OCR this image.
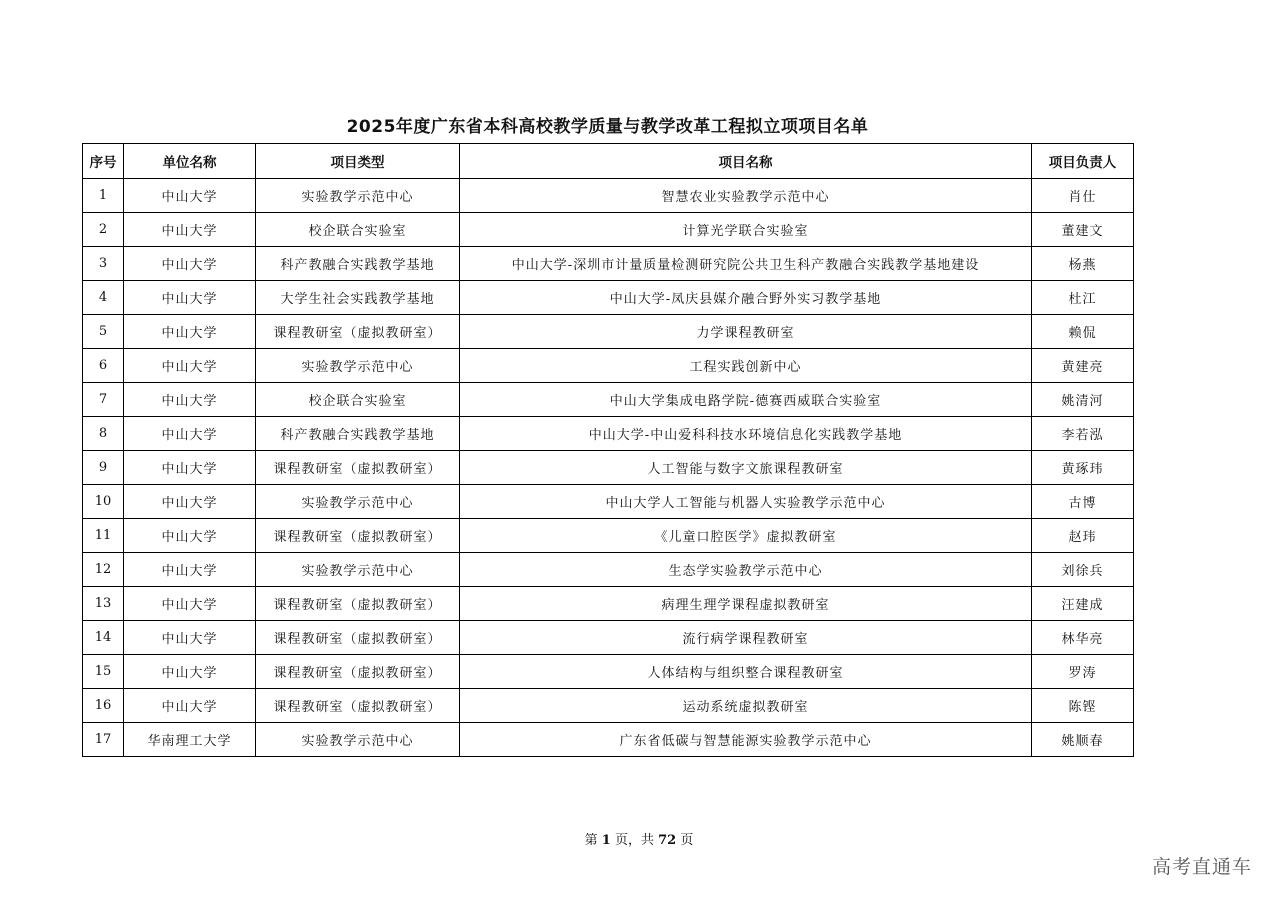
2025年度广东省本科高校教学质量与教学改革工程拟立项项目名单
序号	单位名称	项目类型	项目名称	项目负责人
1	中山大学	实验教学示范中心	智慧农业实验教学示范中心	肖仕
2	中山大学	校企联合实验室	计算光学联合实验室	董建文
3	中山大学	科产教融合实践教学基地	中山大学-深圳市计量质量检测研究院公共卫生科产教融合实践教学基地建设	杨燕
4	中山大学	大学生社会实践教学基地	中山大学-凤庆县媒介融合野外实习教学基地	杜江
5	中山大学	课程教研室（虚拟教研室）	力学课程教研室	赖侃
6	中山大学	实验教学示范中心	工程实践创新中心	黄建亮
7	中山大学	校企联合实验室	中山大学集成电路学院-德赛西威联合实验室	姚清河
8	中山大学	科产教融合实践教学基地	中山大学-中山爱科科技水环境信息化实践教学基地	李若泓
9	中山大学	课程教研室（虚拟教研室）	人工智能与数字文旅课程教研室	黄琢玮
10	中山大学	实验教学示范中心	中山大学人工智能与机器人实验教学示范中心	古博
11	中山大学	课程教研室（虚拟教研室）	《儿童口腔医学》虚拟教研室	赵玮
12	中山大学	实验教学示范中心	生态学实验教学示范中心	刘徐兵
13	中山大学	课程教研室（虚拟教研室）	病理生理学课程虚拟教研室	汪建成
14	中山大学	课程教研室（虚拟教研室）	流行病学课程教研室	林华亮
15	中山大学	课程教研室（虚拟教研室）	人体结构与组织整合课程教研室	罗涛
16	中山大学	课程教研室（虚拟教研室）	运动系统虚拟教研室	陈铿
17	华南理工大学	实验教学示范中心	广东省低碳与智慧能源实验教学示范中心	姚顺春
第 1 页，共 72 页
高考直通车
